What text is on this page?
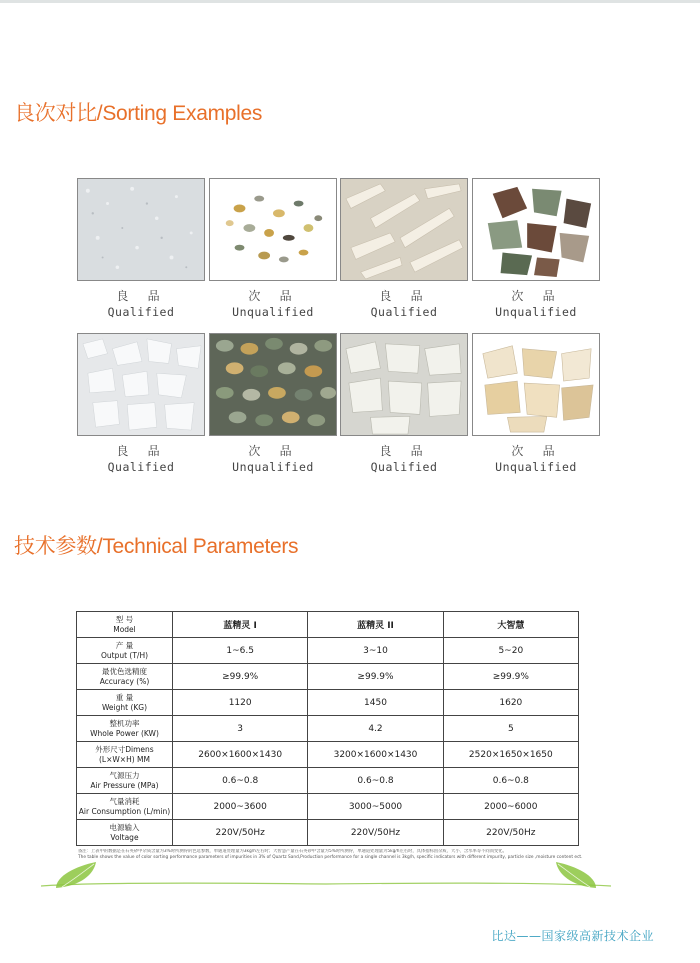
良次对比/Sorting Examples
良 品
Qualified
次 品
Unqualified
良 品
Qualified
次 品
Unqualified
良 品
Qualified
次 品
Unqualified
良 品
Qualified
次 品
Unqualified
技术参数/Technical Parameters
型 号
Model	蓝精灵 I	蓝精灵 II	大智慧

产 量
Output (T/H)	1~6.5	3~10	5~20

最优色选精度
Accuracy (%)	≥99.9%	≥99.9%	≥99.9%

重 量
Weight (KG)	1120	1450	1620

整机功率
Whole Power (KW)	3	4.2	5

外形尺寸Dimens
(L×W×H) MM	2600×1600×1430	3200×1600×1430	2520×1650×1650

气源压力
Air Pressure (MPa)	0.6~0.8	0.6~0.8	0.6~0.8

气量消耗
Air Consumption (L/min)	2000~3600	3000~5000	2000~6000

电源输入
Voltage	220V/50Hz	220V/50Hz	220V/50Hz
备注：上表中的数据是在石英砂中杂质含量为3%时所测得的色选参数，单通道处理量为3kg/h左右时；大智慧产量在石英砂中含量为5%时所测得，单通道处理量为5kg/h左右时，具体指标因杂质、大小、含水率等不同而变化。
The table shows the value of color sorting performance parameters of impurities in 3% of Quartz Sand,Production performance for a single channel is 3kg/h, specific indicators with different impurity, particle size ,moisture content ect.
比达——国家级高新技术企业
